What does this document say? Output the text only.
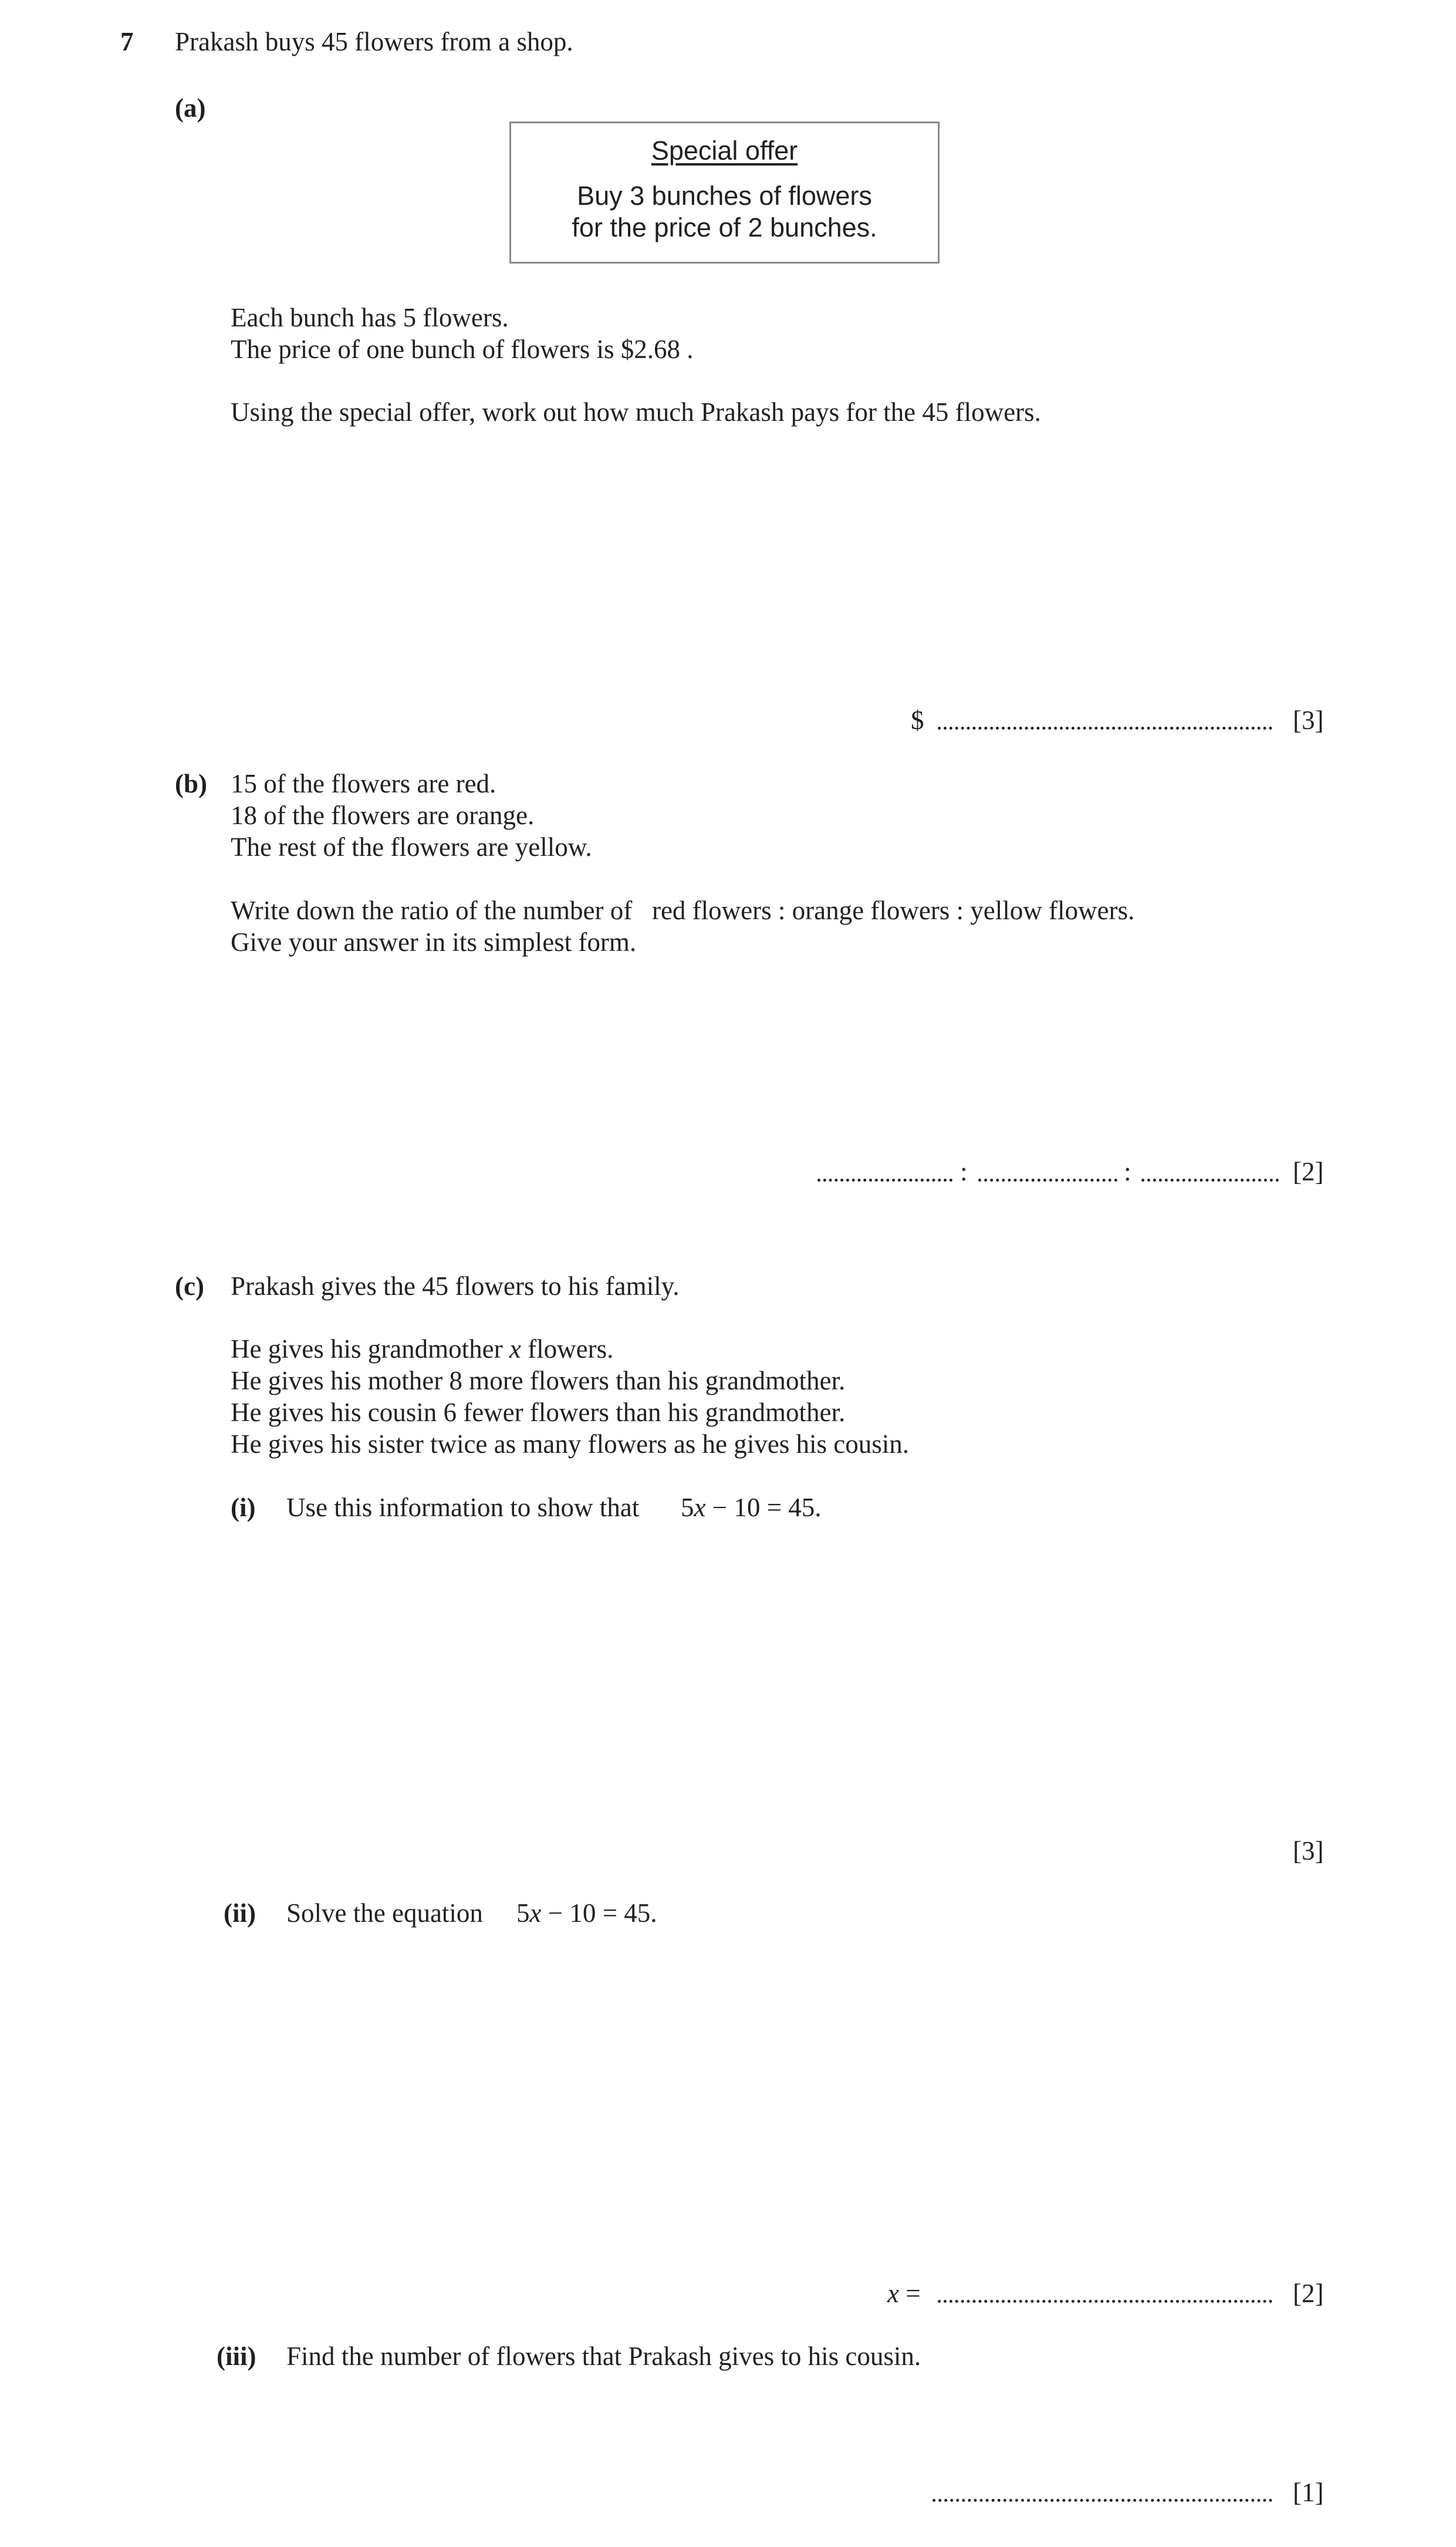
7 Prakash buys 45 flowers from a shop.
(a)
Special offer
Buy 3 bunches of flowers
for the price of 2 bunches.
Each bunch has 5 flowers.
The price of one bunch of flowers is $2.68 .
Using the special offer, work out how much Prakash pays for the 45 flowers.
$	[3]
(b) 15 of the flowers are red.
18 of the flowers are orange.
The rest of the flowers are yellow.
Write down the ratio of the number of   red flowers : orange flowers : yellow flowers.
Give your answer in its simplest form.
:	:	[2]
(c) Prakash gives the 45 flowers to his family.
He gives his grandmother x flowers.
He gives his mother 8 more flowers than his grandmother.
He gives his cousin 6 fewer flowers than his grandmother.
He gives his sister twice as many flowers as he gives his cousin.
(i) Use this information to show that 5x − 10 = 45.
[3]
(ii) Solve the equation 5x − 10 = 45.
x =	[2]
(iii) Find the number of flowers that Prakash gives to his cousin.
[1]
